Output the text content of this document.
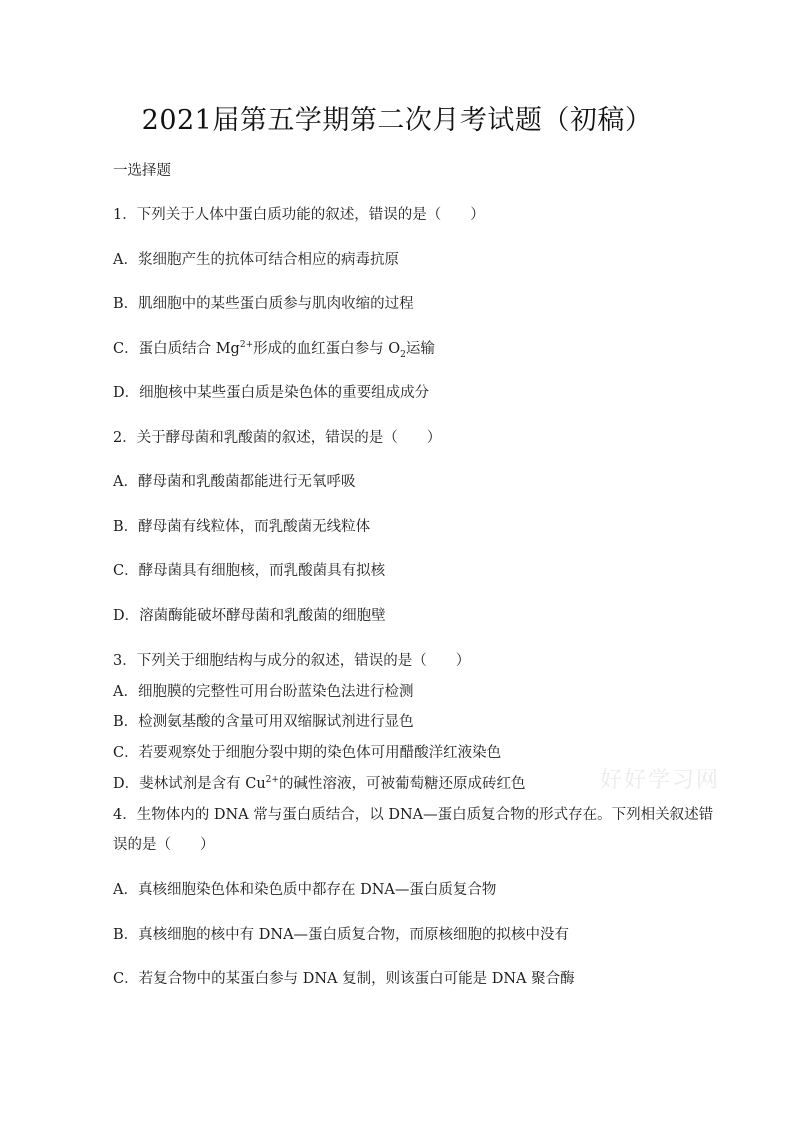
2021届第五学期第二次月考试题（初稿）
一选择题
1．下列关于人体中蛋白质功能的叙述，错误的是（　　）
A．浆细胞产生的抗体可结合相应的病毒抗原
B．肌细胞中的某些蛋白质参与肌肉收缩的过程
C．蛋白质结合 $Mg^{2+}$形成的血红蛋白参与 $O_2$运输
D．细胞核中某些蛋白质是染色体的重要组成成分
2．关于酵母菌和乳酸菌的叙述，错误的是（　　）
A．酵母菌和乳酸菌都能进行无氧呼吸
B．酵母菌有线粒体，而乳酸菌无线粒体
C．酵母菌具有细胞核，而乳酸菌具有拟核
D．溶菌酶能破坏酵母菌和乳酸菌的细胞壁
3．下列关于细胞结构与成分的叙述，错误的是（　　）
A．细胞膜的完整性可用台盼蓝染色法进行检测
B．检测氨基酸的含量可用双缩脲试剂进行显色
C．若要观察处于细胞分裂中期的染色体可用醋酸洋红液染色
D．斐林试剂是含有 $Cu^{2+}$的碱性溶液，可被葡萄糖还原成砖红色
4．生物体内的 DNA 常与蛋白质结合，以 DNA—蛋白质复合物的形式存在。下列相关叙述错
误的是（　　）
A．真核细胞染色体和染色质中都存在 DNA—蛋白质复合物
B．真核细胞的核中有 DNA—蛋白质复合物，而原核细胞的拟核中没有
C．若复合物中的某蛋白参与 DNA 复制，则该蛋白可能是 DNA 聚合酶
好好学习网
